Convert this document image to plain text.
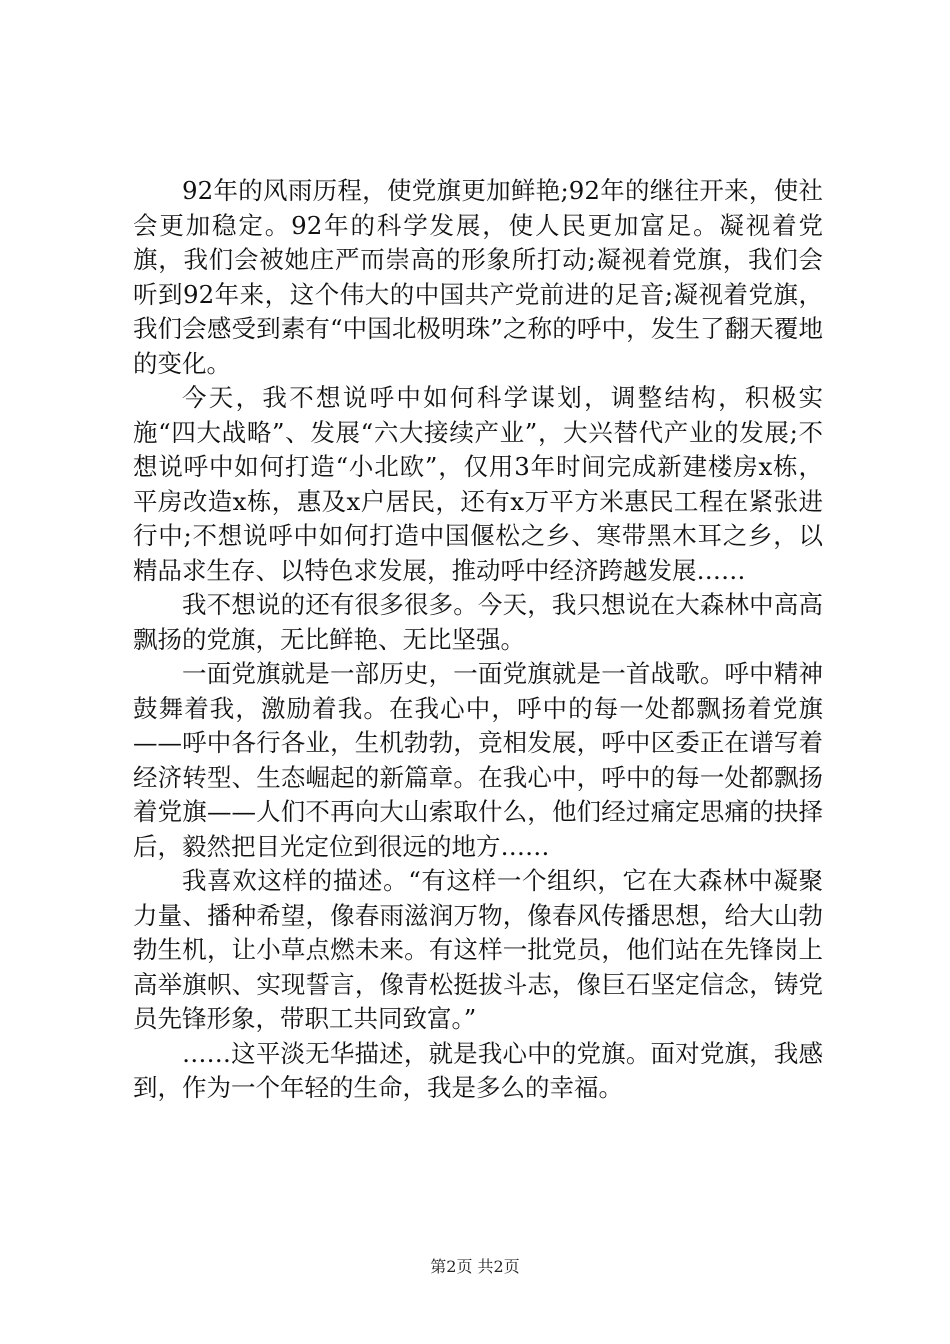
92年的风雨历程，使党旗更加鲜艳;92年的继往开来，使社会更加稳定。92年的科学发展，使人民更加富足。凝视着党旗，我们会被她庄严而崇高的形象所打动;凝视着党旗，我们会听到92年来，这个伟大的中国共产党前进的足音;凝视着党旗，我们会感受到素有“中国北极明珠”之称的呼中，发生了翻天覆地的变化。

今天，我不想说呼中如何科学谋划，调整结构，积极实施“四大战略”、发展“六大接续产业”，大兴替代产业的发展;不想说呼中如何打造“小北欧”，仅用3年时间完成新建楼房x栋，平房改造x栋，惠及x户居民，还有x万平方米惠民工程在紧张进行中;不想说呼中如何打造中国偃松之乡、寒带黑木耳之乡，以精品求生存、以特色求发展，推动呼中经济跨越发展……

我不想说的还有很多很多。今天，我只想说在大森林中高高飘扬的党旗，无比鲜艳、无比坚强。

一面党旗就是一部历史，一面党旗就是一首战歌。呼中精神鼓舞着我，激励着我。在我心中，呼中的每一处都飘扬着党旗——呼中各行各业，生机勃勃，竞相发展，呼中区委正在谱写着经济转型、生态崛起的新篇章。在我心中，呼中的每一处都飘扬着党旗——人们不再向大山索取什么，他们经过痛定思痛的抉择后，毅然把目光定位到很远的地方……

我喜欢这样的描述。“有这样一个组织，它在大森林中凝聚力量、播种希望，像春雨滋润万物，像春风传播思想，给大山勃勃生机，让小草点燃未来。有这样一批党员，他们站在先锋岗上高举旗帜、实现誓言，像青松挺拔斗志，像巨石坚定信念，铸党员先锋形象，带职工共同致富。”

……这平淡无华描述，就是我心中的党旗。面对党旗，我感到，作为一个年轻的生命，我是多么的幸福。

第2页 共2页
